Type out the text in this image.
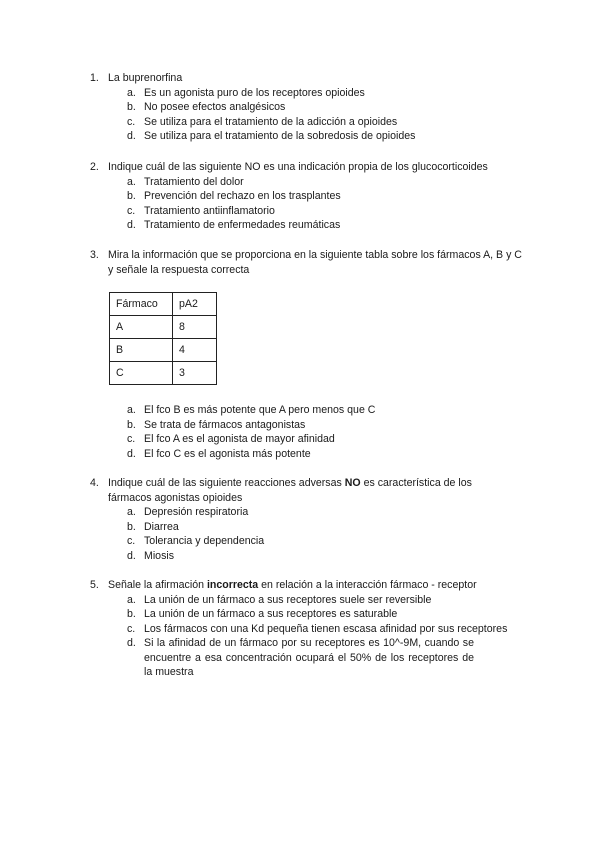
1. La buprenorfina
a. Es un agonista puro de los receptores opioides
b. No posee efectos analgésicos
c. Se utiliza para el tratamiento de la adicción a opioides
d. Se utiliza para el tratamiento de la sobredosis de opioides
2. Indique cuál de las siguiente NO es una indicación propia de los glucocorticoides
a. Tratamiento del dolor
b. Prevención del rechazo en los trasplantes
c. Tratamiento antiinflamatorio
d. Tratamiento de enfermedades reumáticas
3. Mira la información que se proporciona en la siguiente tabla sobre los fármacos A, B y C y señale la respuesta correcta
Fármaco	pA2
A	8
B	4
C	3
a. El fco B es más potente que A pero menos que C
b. Se trata de fármacos antagonistas
c. El fco A es el agonista de mayor afinidad
d. El fco C es el agonista más potente
4. Indique cuál de las siguiente reacciones adversas NO es característica de los fármacos agonistas opioides
a. Depresión respiratoria
b. Diarrea
c. Tolerancia y dependencia
d. Miosis
5. Señale la afirmación incorrecta en relación a la interacción fármaco - receptor
a. La unión de un fármaco a sus receptores suele ser reversible
b. La unión de un fármaco a sus receptores es saturable
c. Los fármacos con una Kd pequeña tienen escasa afinidad por sus receptores
d. Si la afinidad de un fármaco por su receptores es 10^-9M, cuando se encuentre a esa concentración ocupará el 50% de los receptores de la muestra
